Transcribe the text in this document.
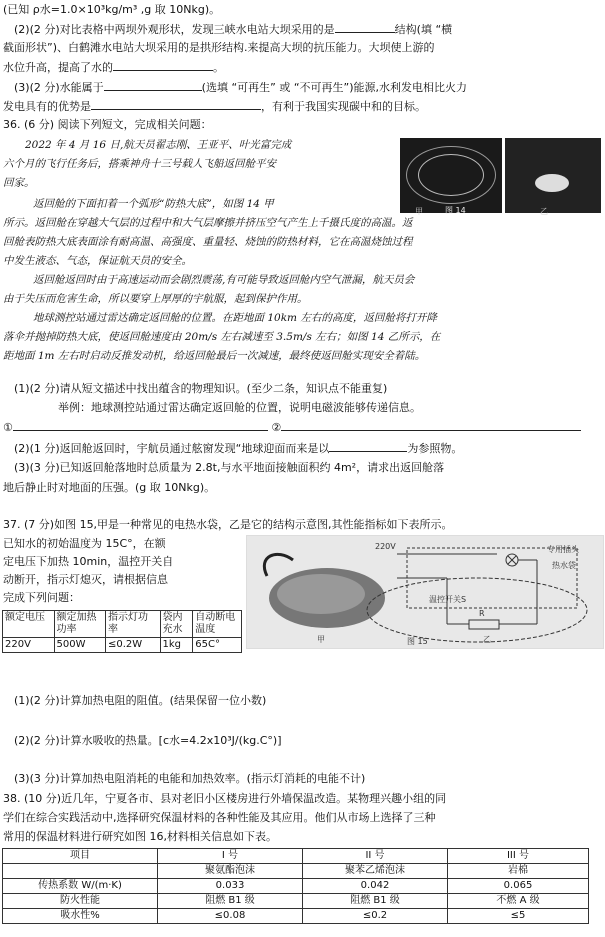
(已知 ρ水=1.0×10³kg/m³ ,g 取 10Nkg)。
(2)(2 分)对比表格中两坝外观形状，发现三峡水电站大坝采用的是	结构(填 “横
截面形状”)、白鹤滩水电站大坝采用的是拱形结构.来提高大坝的抗压能力。大坝使上游的
水位升高，提高了水的	。
(3)(2 分)水能属于	(选填 “可再生” 或 “不可再生”)能源,水利发电相比火力
发电具有的优势是	，有利于我国实现碳中和的目标。
36. (6 分) 阅读下列短文，完成相关问题：
2022 年 4 月 16 日,航天员翟志刚、王亚平、叶光富完成
六个月的飞行任务后，搭乘神舟十三号载人飞船返回舱平安
回家。
图 14
甲	乙
返回舱的下面扣着一个弧形“防热大底”，如图 14 甲
所示。返回舱在穿越大气层的过程中和大气层摩擦并挤压空气产生上千摄氏度的高温。返
回舱表防热大底表面涂有耐高温、高强度、重量轻、烧蚀的防热材料，它在高温烧蚀过程
中发生液态、气态，保证航天员的安全。
返回舱返回时由于高速运动而会剧烈震荡,有可能导致返回舱内空气泄漏，航天员会
由于失压而危害生命，所以要穿上厚厚的宇航服，起到保护作用。
地球测控站通过雷达确定返回舱的位置。在距地面 10km 左右的高度，返回舱将打开降
落伞并抛掉防热大底，使返回舱速度由 20m/s 左右减速至 3.5m/s 左右；如图 14 乙所示，在
距地面 1m 左右时启动反推发动机，给返回舱最后一次减速，最终使返回舱实现安全着陆。
(1)(2 分)请从短文描述中找出蕴含的物理知识。(至少二条，知识点不能重复)
举例：地球测控站通过雷达确定返回舱的位置，说明电磁波能够传递信息。
①	②
(2)(1 分)返回舱返回时，宇航员通过舷窗发现“地球迎面而来是以	为参照物。
(3)(3 分)已知返回舱落地时总质量为 2.8t,与水平地面接触面积约 4m²，请求出返回舱落
地后静止时对地面的压强。(g 取 10Nkg)。
37. (7 分)如图 15,甲是一种常见的电热水袋，乙是它的结构示意图,其性能指标如下表所示。
已知水的初始温度为 15C°，在额
定电压下加热 10min，温控开关自
动断开，指示灯熄灭，请根据信息
完成下列问题：
额定电压	额定加热功率	指示灯功率	袋内充水	自动断电温度
220V	500W	≤0.2W	1kg	65C°
220V	专用插头
热水袋
温控开关S
R
甲	乙
图 15
(1)(2 分)计算加热电阻的阻值。(结果保留一位小数)
(2)(2 分)计算水吸收的热量。[c水=4.2x10³J/(kg.C°)]
(3)(3 分)计算加热电阻消耗的电能和加热效率。(指示灯消耗的电能不计)
38. (10 分)近几年，宁夏各市、县对老旧小区楼房进行外墙保温改造。某物理兴趣小组的同
学们在综合实践活动中,选择研究保温材料的各种性能及其应用。他们从市场上选择了三种
常用的保温材料进行研究如图 16,材料相关信息如下表。
项目	I 号	II 号	III 号
	聚氨酯泡沫	聚苯乙烯泡沫	岩棉
传热系数 W/(m·K)	0.033	0.042	0.065
防火性能	阻燃 B1 级	阻燃 B1 级	不燃 A 级
吸水性%	≤0.08	≤0.2	≤5
